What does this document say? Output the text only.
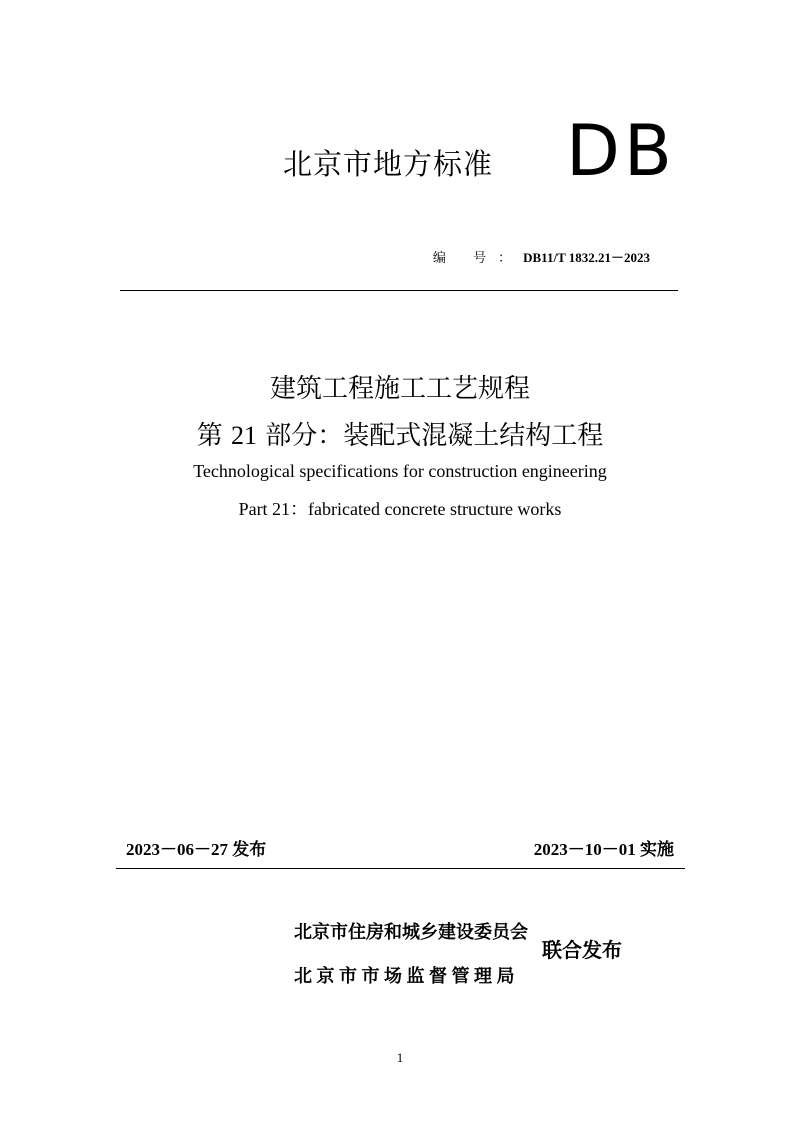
北京市地方标准 DB
编 号：DB11/T 1832.21－2023
建筑工程施工工艺规程
第 21 部分：装配式混凝土结构工程
Technological specifications for construction engineering
Part 21：fabricated concrete structure works
2023－06－27 发布	2023－10－01 实施
北京市住房和城乡建设委员会
北京市市场监督管理局
联合发布
1
